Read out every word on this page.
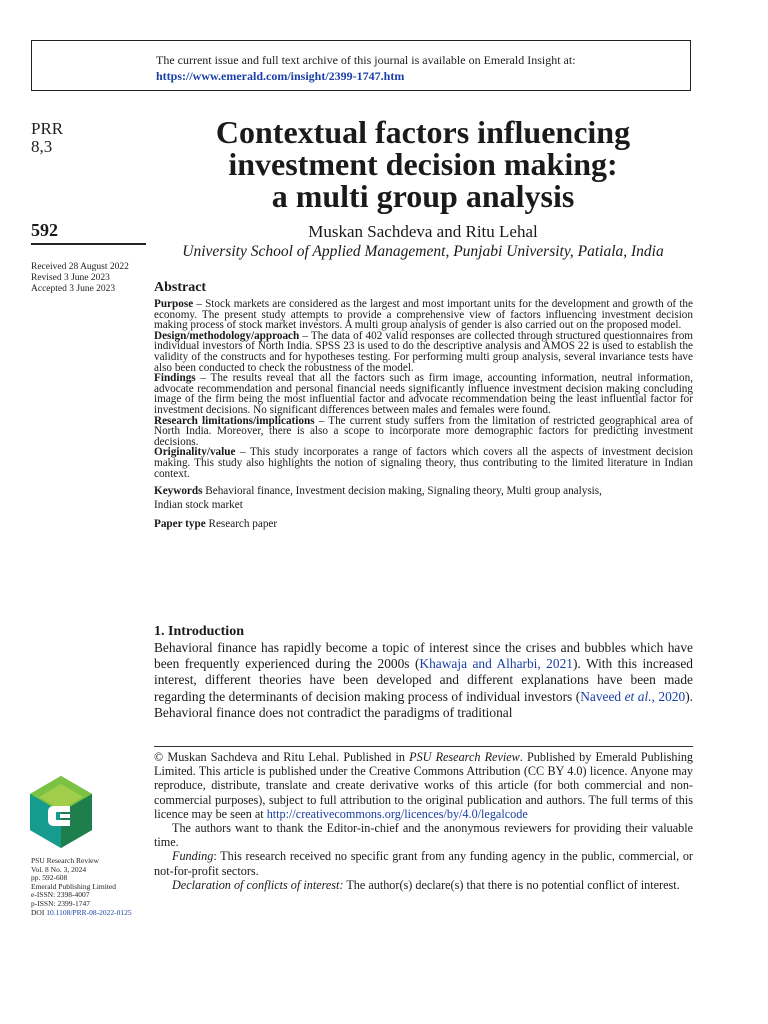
The current issue and full text archive of this journal is available on Emerald Insight at:
https://www.emerald.com/insight/2399-1747.htm
PRR
8,3
592
Received 28 August 2022
Revised 3 June 2023
Accepted 3 June 2023
Contextual factors influencing
investment decision making:
a multi group analysis
Muskan Sachdeva and Ritu Lehal
University School of Applied Management, Punjabi University, Patiala, India
Abstract

Purpose – Stock markets are considered as the largest and most important units for the development and growth of the economy. The present study attempts to provide a comprehensive view of factors influencing investment decision making process of stock market investors. A multi group analysis of gender is also carried out on the proposed model.

Design/methodology/approach – The data of 402 valid responses are collected through structured questionnaires from individual investors of North India. SPSS 23 is used to do the descriptive analysis and AMOS 22 is used to establish the validity of the constructs and for hypotheses testing. For performing multi group analysis, several invariance tests have also been conducted to check the robustness of the model.

Findings – The results reveal that all the factors such as firm image, accounting information, neutral information, advocate recommendation and personal financial needs significantly influence investment decision making concluding image of the firm being the most influential factor and advocate recommendation being the least influential factor for investment decisions. No significant differences between males and females were found.

Research limitations/implications – The current study suffers from the limitation of restricted geographical area of North India. Moreover, there is also a scope to incorporate more demographic factors for predicting investment decisions.

Originality/value – This study incorporates a range of factors which covers all the aspects of investment decision making. This study also highlights the notion of signaling theory, thus contributing to the limited literature in Indian context.

Keywords Behavioral finance, Investment decision making, Signaling theory, Multi group analysis,
Indian stock market

Paper type Research paper

1. Introduction

Behavioral finance has rapidly become a topic of interest since the crises and bubbles which have been frequently experienced during the 2000s (Khawaja and Alharbi, 2021). With this increased interest, different theories have been developed and different explanations have been made regarding the determinants of decision making process of individual investors (Naveed et al., 2020). Behavioral finance does not contradict the paradigms of traditional

© Muskan Sachdeva and Ritu Lehal. Published in PSU Research Review. Published by Emerald Publishing Limited. This article is published under the Creative Commons Attribution (CC BY 4.0) licence. Anyone may reproduce, distribute, translate and create derivative works of this article (for both commercial and non-commercial purposes), subject to full attribution to the original publication and authors. The full terms of this licence may be seen at http://creativecommons.org/licences/by/4.0/legalcode

The authors want to thank the Editor-in-chief and the anonymous reviewers for providing their valuable time.

Funding: This research received no specific grant from any funding agency in the public, commercial, or not-for-profit sectors.

Declaration of conflicts of interest: The author(s) declare(s) that there is no potential conflict of interest.

PSU Research Review
Vol. 8 No. 3, 2024
pp. 592-608
Emerald Publishing Limited
e-ISSN: 2398-4007
p-ISSN: 2399-1747
DOI 10.1108/PRR-08-2022-0125
